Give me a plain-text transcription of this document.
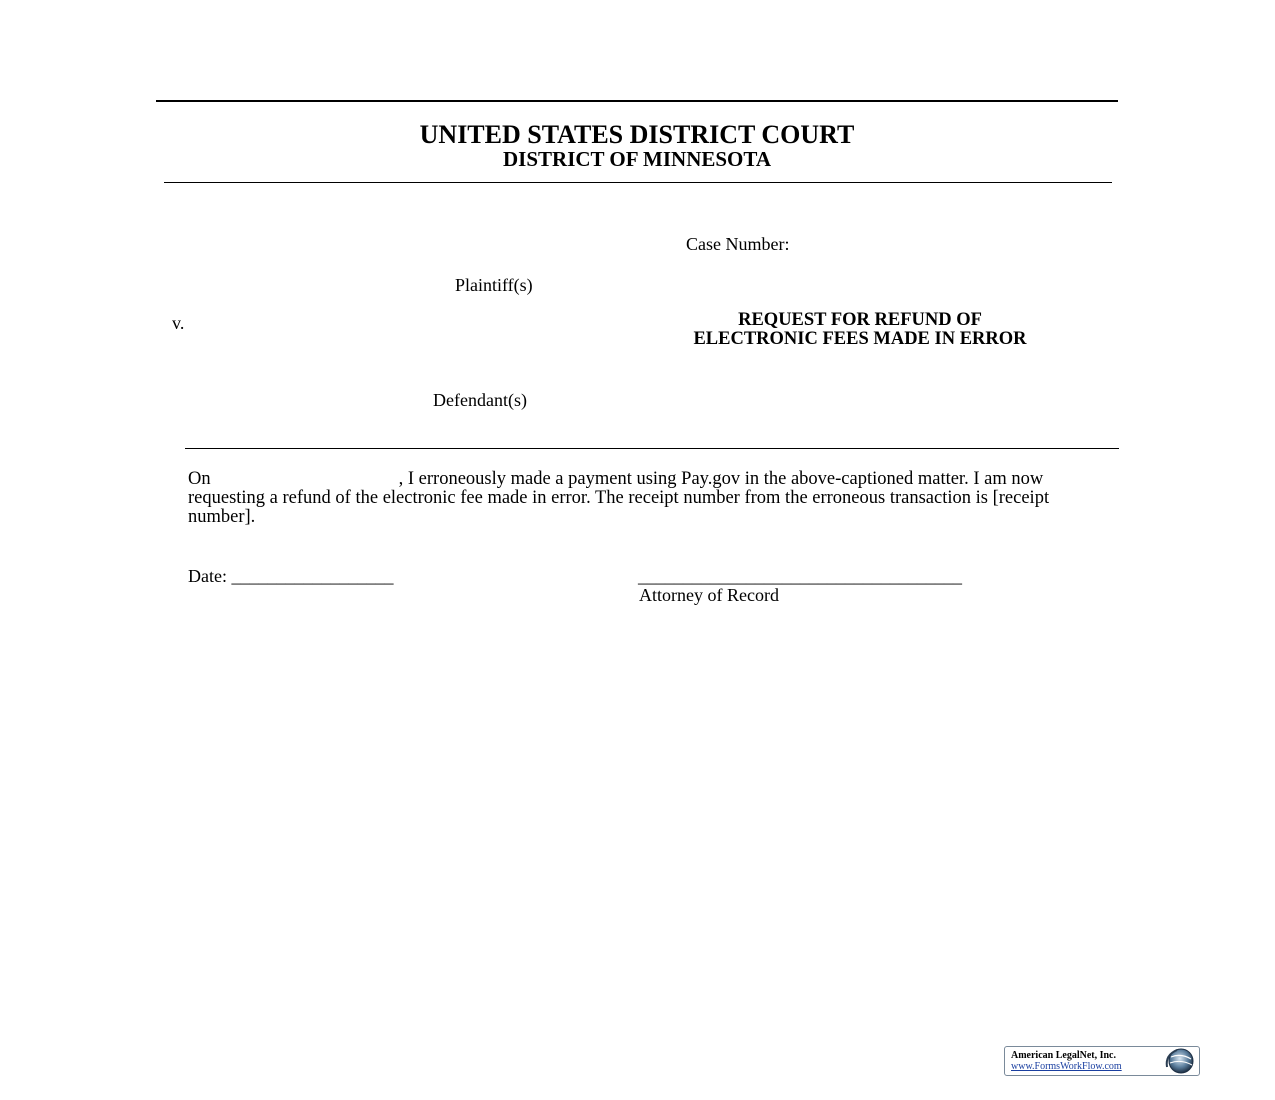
UNITED STATES DISTRICT COURT
DISTRICT OF MINNESOTA
Case Number:
Plaintiff(s)
v.	REQUEST FOR REFUND OF
ELECTRONIC FEES MADE IN ERROR
Defendant(s)
On	, I erroneously made a payment using Pay.gov in the above-captioned matter. I am now requesting a refund of the electronic fee made in error. The receipt number from the erroneous transaction is [receipt number].
Date: __________________	____________________________________
Attorney of Record
American LegalNet, Inc.
www.FormsWorkFlow.com
